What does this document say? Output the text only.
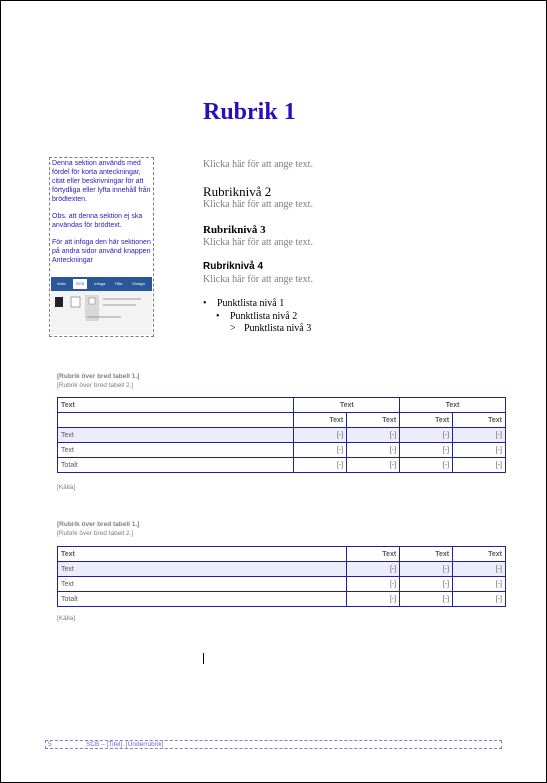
Rubrik 1

Denna sektion används med fördel för korta anteckningar, citat eller beskrivningar för att förtydliga eller lyfta innehåll från brödtexten.

Obs. att denna sektion ej ska användas för brödtext.

För att infoga den här sektionen på andra sidor använd knappen Anteckningar

Arkiv	SCB	Infoga	Rita	Design
Klicka här för att ange text.
Rubriknivå 2
Klicka här för att ange text.
Rubriknivå 3
Klicka här för att ange text.
Rubriknivå 4
Klicka här för att ange text.
• Punktlista nivå 1
• Punktlista nivå 2
> Punktlista nivå 3
[Rubrik över bred tabell 1.]
[Rubrik över bred tabell 2.]
Text	Text		Text	
	Text	Text	Text	Text
Text	[-]	[-]	[-]	[-]
Text	[-]	[-]	[-]	[-]
Totalt	[-]	[-]	[-]	[-]
[Källa]
[Rubrik över bred tabell 1.]
[Rubrik över bred tabell 2.]
Text	Text	Text	Text
Text	[-]	[-]	[-]
Text	[-]	[-]	[-]
Totalt	[-]	[-]	[-]
[Källa]
5	SCB – [Titel]. [Underrubrik]
